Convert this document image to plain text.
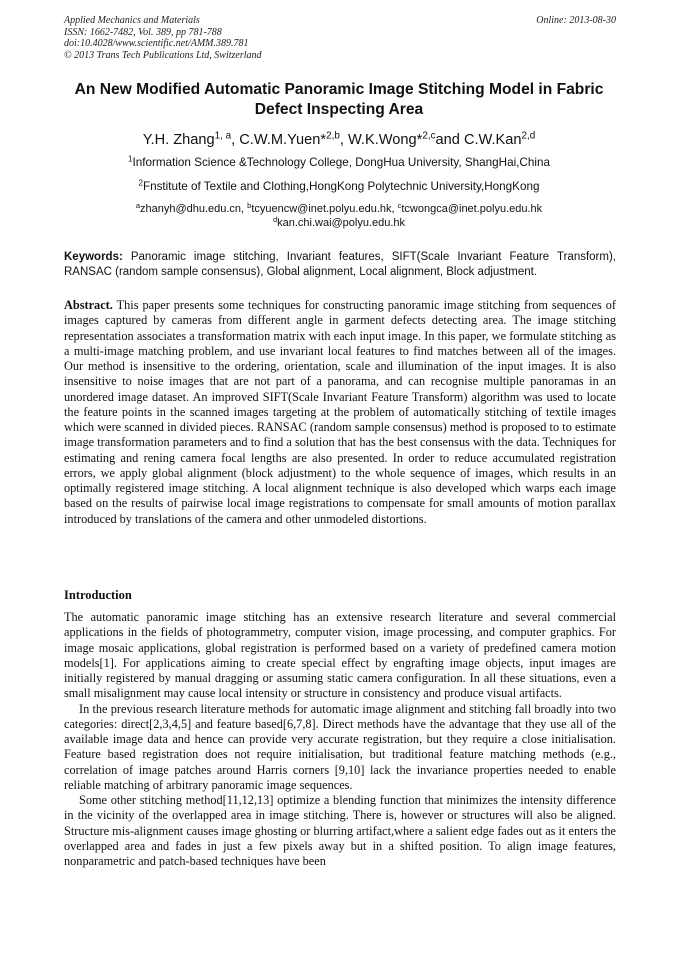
Applied Mechanics and Materials
ISSN: 1662-7482, Vol. 389, pp 781-788
doi:10.4028/www.scientific.net/AMM.389.781
© 2013 Trans Tech Publications Ltd, Switzerland
Online: 2013-08-30
An New Modified Automatic Panoramic Image Stitching Model in Fabric Defect Inspecting Area
Y.H. Zhang$^{1, a}$, C.W.M.Yuen*$^{2,b}$, W.K.Wong*$^{2,c}$and C.W.Kan$^{2,d}$
$^1$Information Science &Technology College, DongHua University, ShangHai,China
$^2$Fnstitute of Textile and Clothing,HongKong Polytechnic University,HongKong
$^a$zhanyh@dhu.edu.cn, $^b$tcyuencw@inet.polyu.edu.hk, $^c$tcwongca@inet.polyu.edu.hk
$^d$kan.chi.wai@polyu.edu.hk
Keywords: Panoramic image stitching, Invariant features, SIFT(Scale Invariant Feature Transform), RANSAC (random sample consensus), Global alignment, Local alignment, Block adjustment.
Abstract. This paper presents some techniques for constructing panoramic image stitching from sequences of images captured by cameras from different angle in garment defects detecting area. The image stitching representation associates a transformation matrix with each input image. In this paper, we formulate stitching as a multi-image matching problem, and use invariant local features to find matches between all of the images. Our method is insensitive to the ordering, orientation, scale and illumination of the input images. It is also insensitive to noise images that are not part of a panorama, and can recognise multiple panoramas in an unordered image dataset. An improved SIFT(Scale Invariant Feature Transform) algorithm was used to locate the feature points in the scanned images targeting at the problem of automatically stitching of textile images which were scanned in divided pieces. RANSAC (random sample consensus) method is proposed to to estimate image transformation parameters and to find a solution that has the best consensus with the data. Techniques for estimating and rening camera focal lengths are also presented. In order to reduce accumulated registration errors, we apply global alignment (block adjustment) to the whole sequence of images, which results in an optimally registered image stitching. A local alignment technique is also developed which warps each image based on the results of pairwise local image registrations to compensate for small amounts of motion parallax introduced by translations of the camera and other unmodeled distortions.
Introduction

The automatic panoramic image stitching has an extensive research literature and several commercial applications in the fields of photogrammetry, computer vision, image processing, and computer graphics. For image mosaic applications, global registration is performed based on a variety of predefined camera motion models[1]. For applications aiming to create special effect by engrafting image objects, input images are initially registered by manual dragging or assuming static camera configuration. In all these situations, even a small misalignment may cause local intensity or structure in consistency and produce visual artifacts.

In the previous research literature methods for automatic image alignment and stitching fall broadly into two categories: direct[2,3,4,5] and feature based[6,7,8]. Direct methods have the advantage that they use all of the available image data and hence can provide very accurate registration, but they require a close initialisation. Feature based registration does not require initialisation, but traditional feature matching methods (e.g., correlation of image patches around Harris corners [9,10] lack the invariance properties needed to enable reliable matching of arbitrary panoramic image sequences.

Some other stitching method[11,12,13] optimize a blending function that minimizes the intensity difference in the vicinity of the overlapped area in image stitching. There is, however or structures will also be aligned. Structure mis-alignment causes image ghosting or blurring artifact,where a salient edge fades out as it enters the overlapped area and fades in just a few pixels away but in a shifted position. To align image features, nonparametric and patch-based techniques have been
